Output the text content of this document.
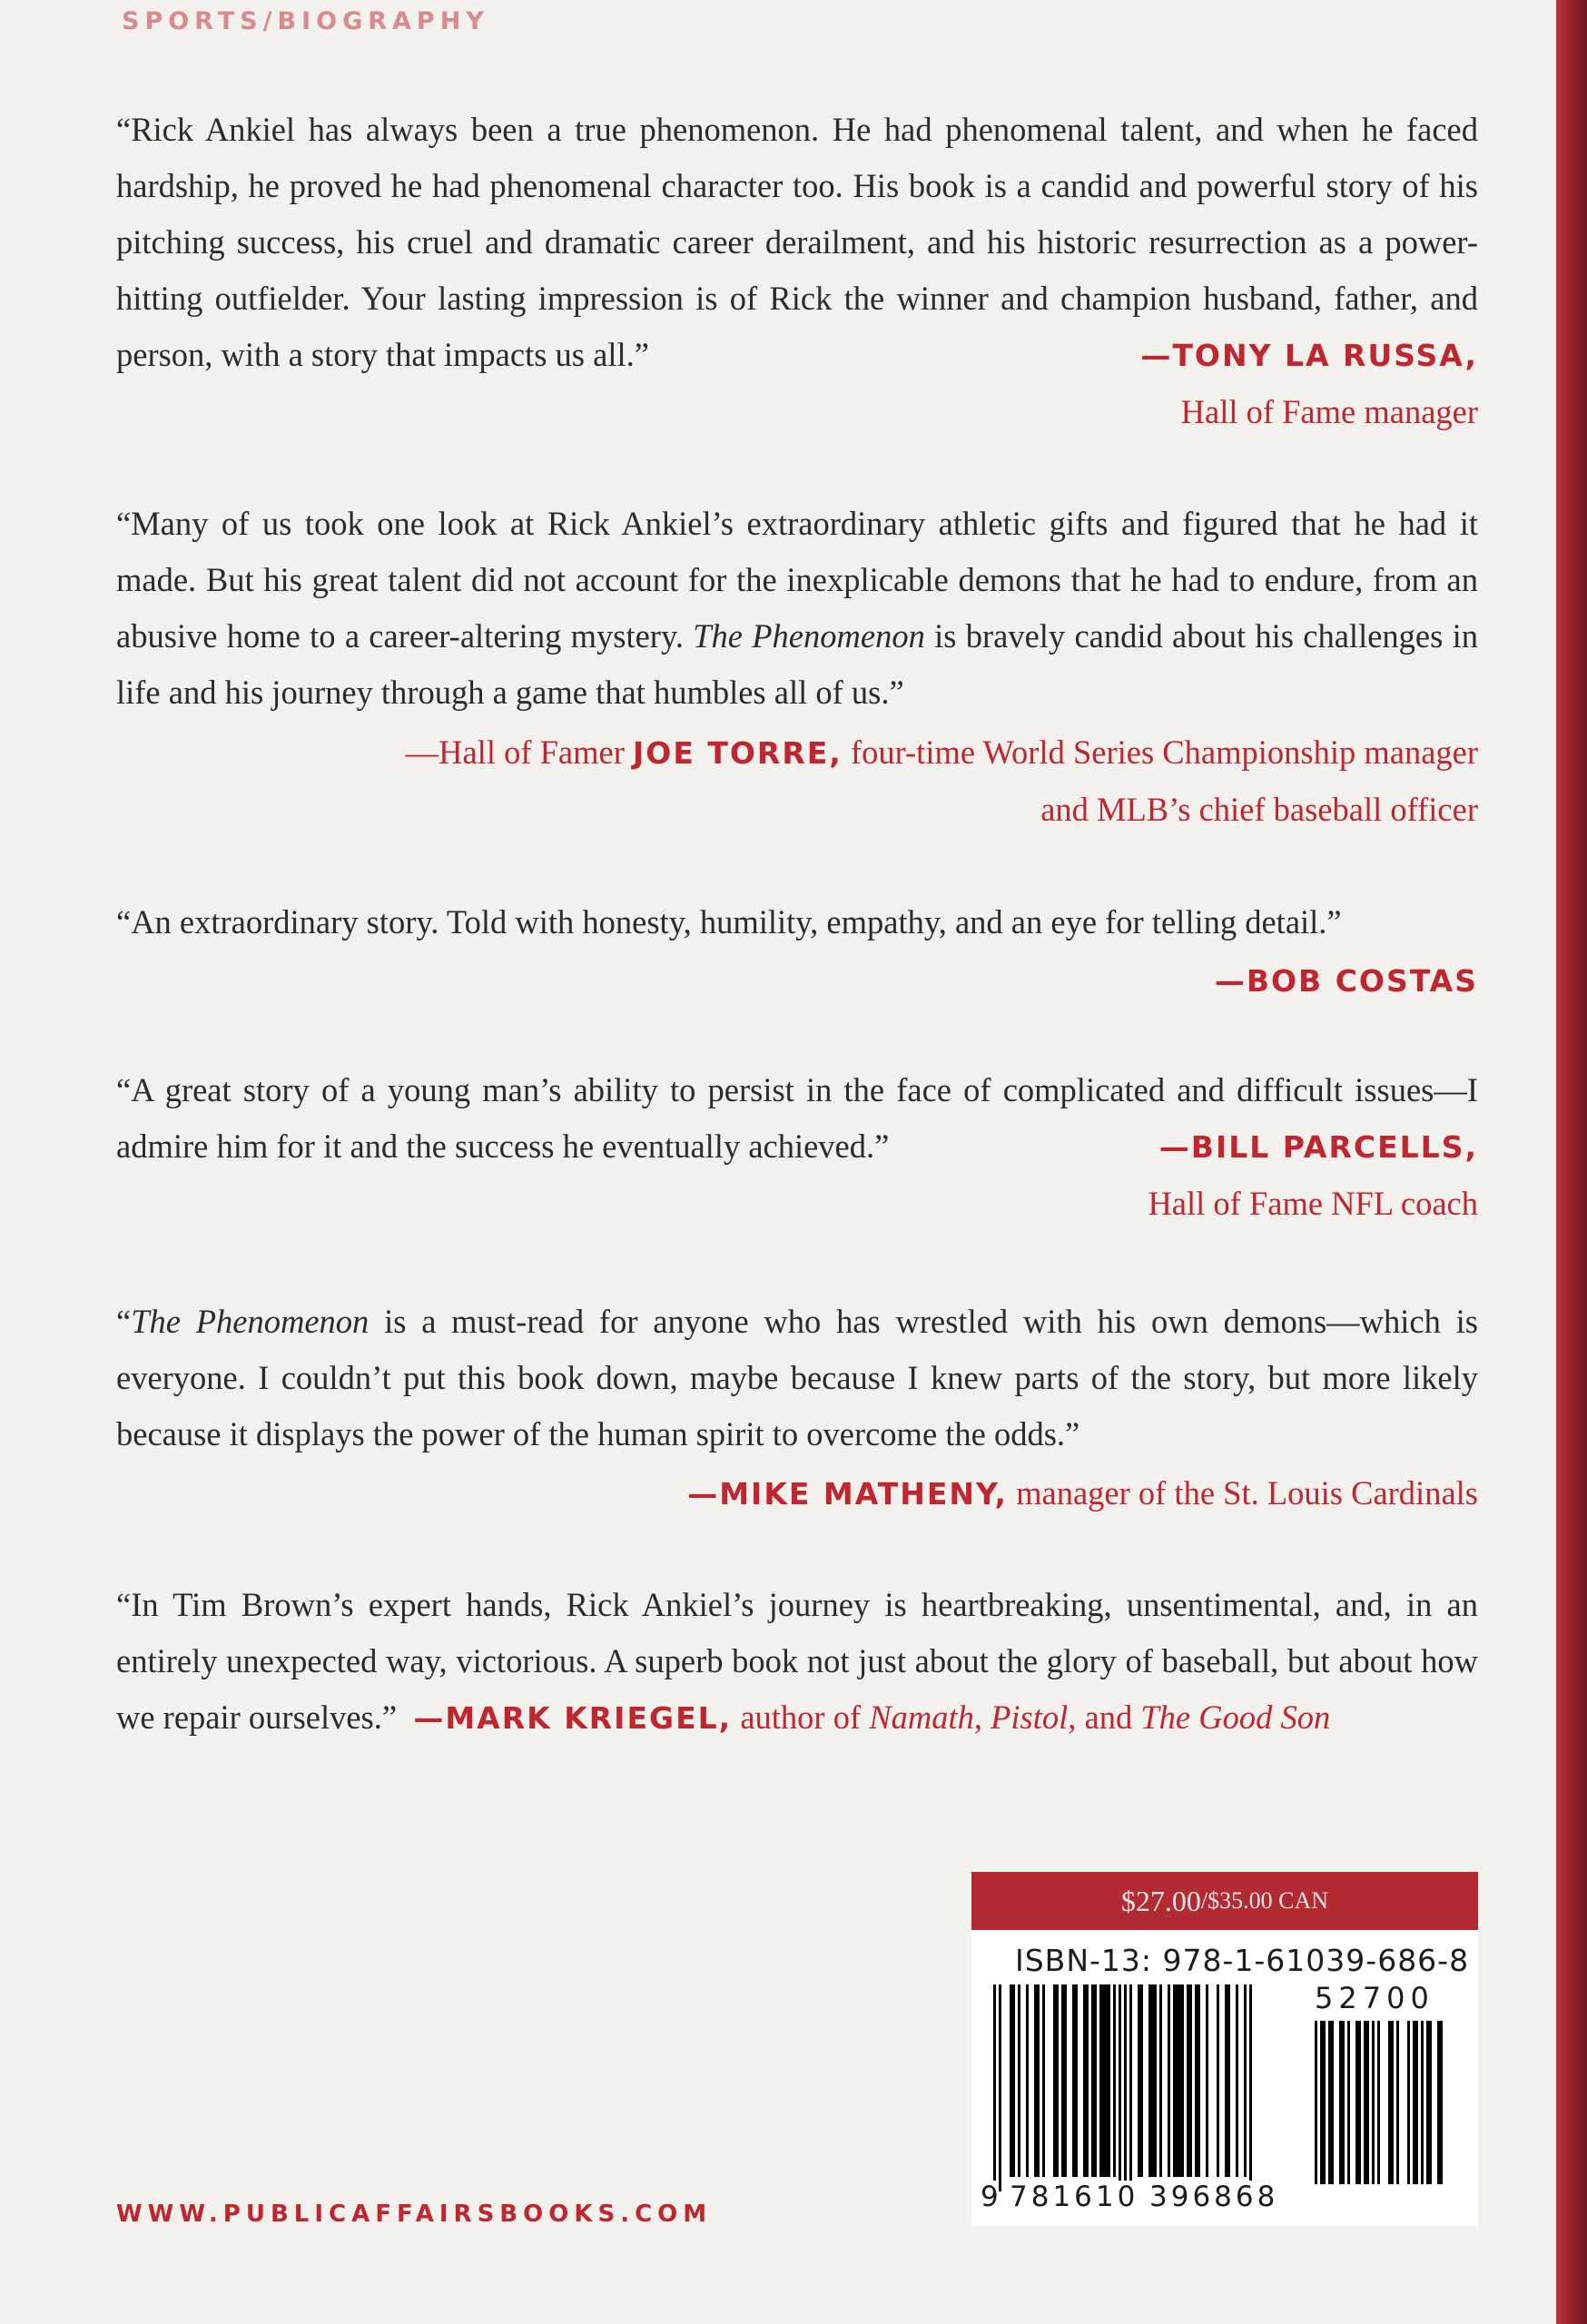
SPORTS/BIOGRAPHY
“Rick Ankiel has always been a true phenomenon. He had phenomenal talent, and when he faced hardship, he proved he had phenomenal character too. His book is a candid and powerful story of his pitching success, his cruel and dramatic career derailment, and his historic resurrection as a power-hitting outfielder. Your lasting impression is of Rick the winner and champion husband, father, and person, with a story that impacts us all.”	—TONY LA RUSSA,
Hall of Fame manager
“Many of us took one look at Rick Ankiel’s extraordinary athletic gifts and figured that he had it made. But his great talent did not account for the inexplicable demons that he had to endure, from an abusive home to a career-altering mystery. The Phenomenon is bravely candid about his challenges in life and his journey through a game that humbles all of us.”
—Hall of Famer JOE TORRE, four-time World Series Championship manager
and MLB’s chief baseball officer
“An extraordinary story. Told with honesty, humility, empathy, and an eye for telling detail.”
—BOB COSTAS
“A great story of a young man’s ability to persist in the face of complicated and difficult issues—I admire him for it and the success he eventually achieved.”	—BILL PARCELLS,
Hall of Fame NFL coach
“The Phenomenon is a must-read for anyone who has wrestled with his own demons—which is everyone. I couldn’t put this book down, maybe because I knew parts of the story, but more likely because it displays the power of the human spirit to overcome the odds.”
—MIKE MATHENY, manager of the St. Louis Cardinals
“In Tim Brown’s expert hands, Rick Ankiel’s journey is heartbreaking, unsentimental, and, in an entirely unexpected way, victorious. A superb book not just about the glory of baseball, but about how we repair ourselves.” —MARK KRIEGEL, author of Namath, Pistol, and The Good Son
$27.00 / $35.00 CAN
ISBN-13: 978-1-61039-686-8
52700
9 781610 396868
WWW.PUBLICAFFAIRSBOOKS.COM
